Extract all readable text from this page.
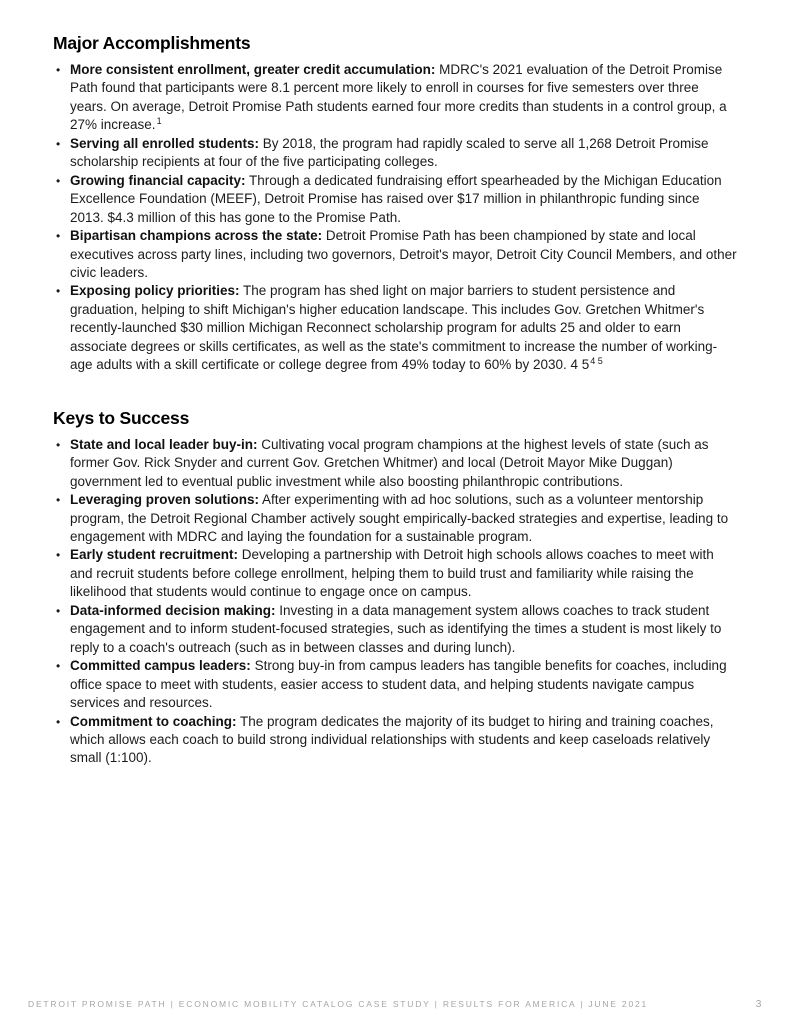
Major Accomplishments
• More consistent enrollment, greater credit accumulation: MDRC's 2021 evaluation of the Detroit Promise Path found that participants were 8.1 percent more likely to enroll in courses for five semesters over three years. On average, Detroit Promise Path students earned four more credits than students in a control group, a 27% increase.$^1$
• Serving all enrolled students: By 2018, the program had rapidly scaled to serve all 1,268 Detroit Promise scholarship recipients at four of the five participating colleges.
• Growing financial capacity: Through a dedicated fundraising effort spearheaded by the Michigan Education Excellence Foundation (MEEF), Detroit Promise has raised over $17 million in philanthropic funding since 2013. $4.3 million of this has gone to the Promise Path.
• Bipartisan champions across the state: Detroit Promise Path has been championed by state and local executives across party lines, including two governors, Detroit's mayor, Detroit City Council Members, and other civic leaders.
• Exposing policy priorities: The program has shed light on major barriers to student persistence and graduation, helping to shift Michigan's higher education landscape. This includes Gov. Gretchen Whitmer's recently-launched $30 million Michigan Reconnect scholarship program for adults 25 and older to earn associate degrees or skills certificates, as well as the state's commitment to increase the number of working-age adults with a skill certificate or college degree from 49% today to 60% by 2030. 4 5$^{4 5}$
Keys to Success
• State and local leader buy-in: Cultivating vocal program champions at the highest levels of state (such as former Gov. Rick Snyder and current Gov. Gretchen Whitmer) and local (Detroit Mayor Mike Duggan) government led to eventual public investment while also boosting philanthropic contributions.
• Leveraging proven solutions: After experimenting with ad hoc solutions, such as a volunteer mentorship program, the Detroit Regional Chamber actively sought empirically-backed strategies and expertise, leading to engagement with MDRC and laying the foundation for a sustainable program.
• Early student recruitment: Developing a partnership with Detroit high schools allows coaches to meet with and recruit students before college enrollment, helping them to build trust and familiarity while raising the likelihood that students would continue to engage once on campus.
• Data-informed decision making: Investing in a data management system allows coaches to track student engagement and to inform student-focused strategies, such as identifying the times a student is most likely to reply to a coach's outreach (such as in between classes and during lunch).
• Committed campus leaders: Strong buy-in from campus leaders has tangible benefits for coaches, including office space to meet with students, easier access to student data, and helping students navigate campus services and resources.
• Commitment to coaching: The program dedicates the majority of its budget to hiring and training coaches, which allows each coach to build strong individual relationships with students and keep caseloads relatively small (1:100).
DETROIT PROMISE PATH | ECONOMIC MOBILITY CATALOG CASE STUDY | RESULTS FOR AMERICA | JUNE 2021	3
